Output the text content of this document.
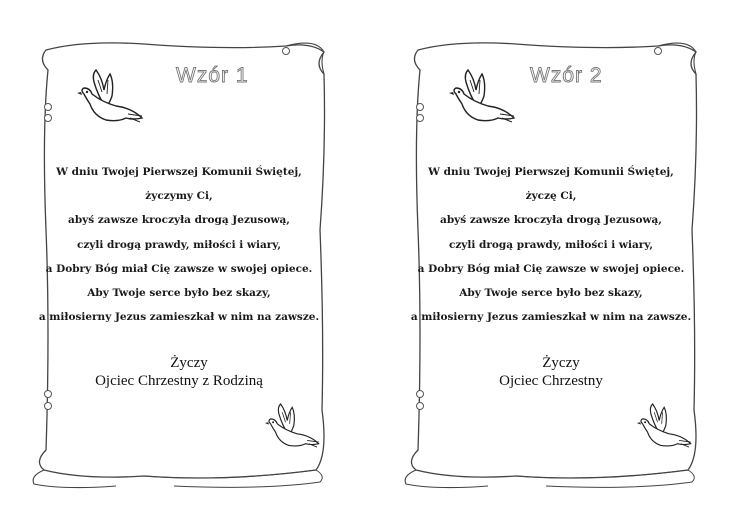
Wzór 1
W dniu Twojej Pierwszej Komunii Świętej,
życzymy Ci,
abyś zawsze kroczyła drogą Jezusową,
czyli drogą prawdy, miłości i wiary,
a Dobry Bóg miał Cię zawsze w swojej opiece.
Aby Twoje serce było bez skazy,
a miłosierny Jezus zamieszkał w nim na zawsze.
Życzy
Ojciec Chrzestny z Rodziną
Wzór 2
W dniu Twojej Pierwszej Komunii Świętej,
życzę Ci,
abyś zawsze kroczyła drogą Jezusową,
czyli drogą prawdy, miłości i wiary,
a Dobry Bóg miał Cię zawsze w swojej opiece.
Aby Twoje serce było bez skazy,
a miłosierny Jezus zamieszkał w nim na zawsze.
Życzy
Ojciec Chrzestny
